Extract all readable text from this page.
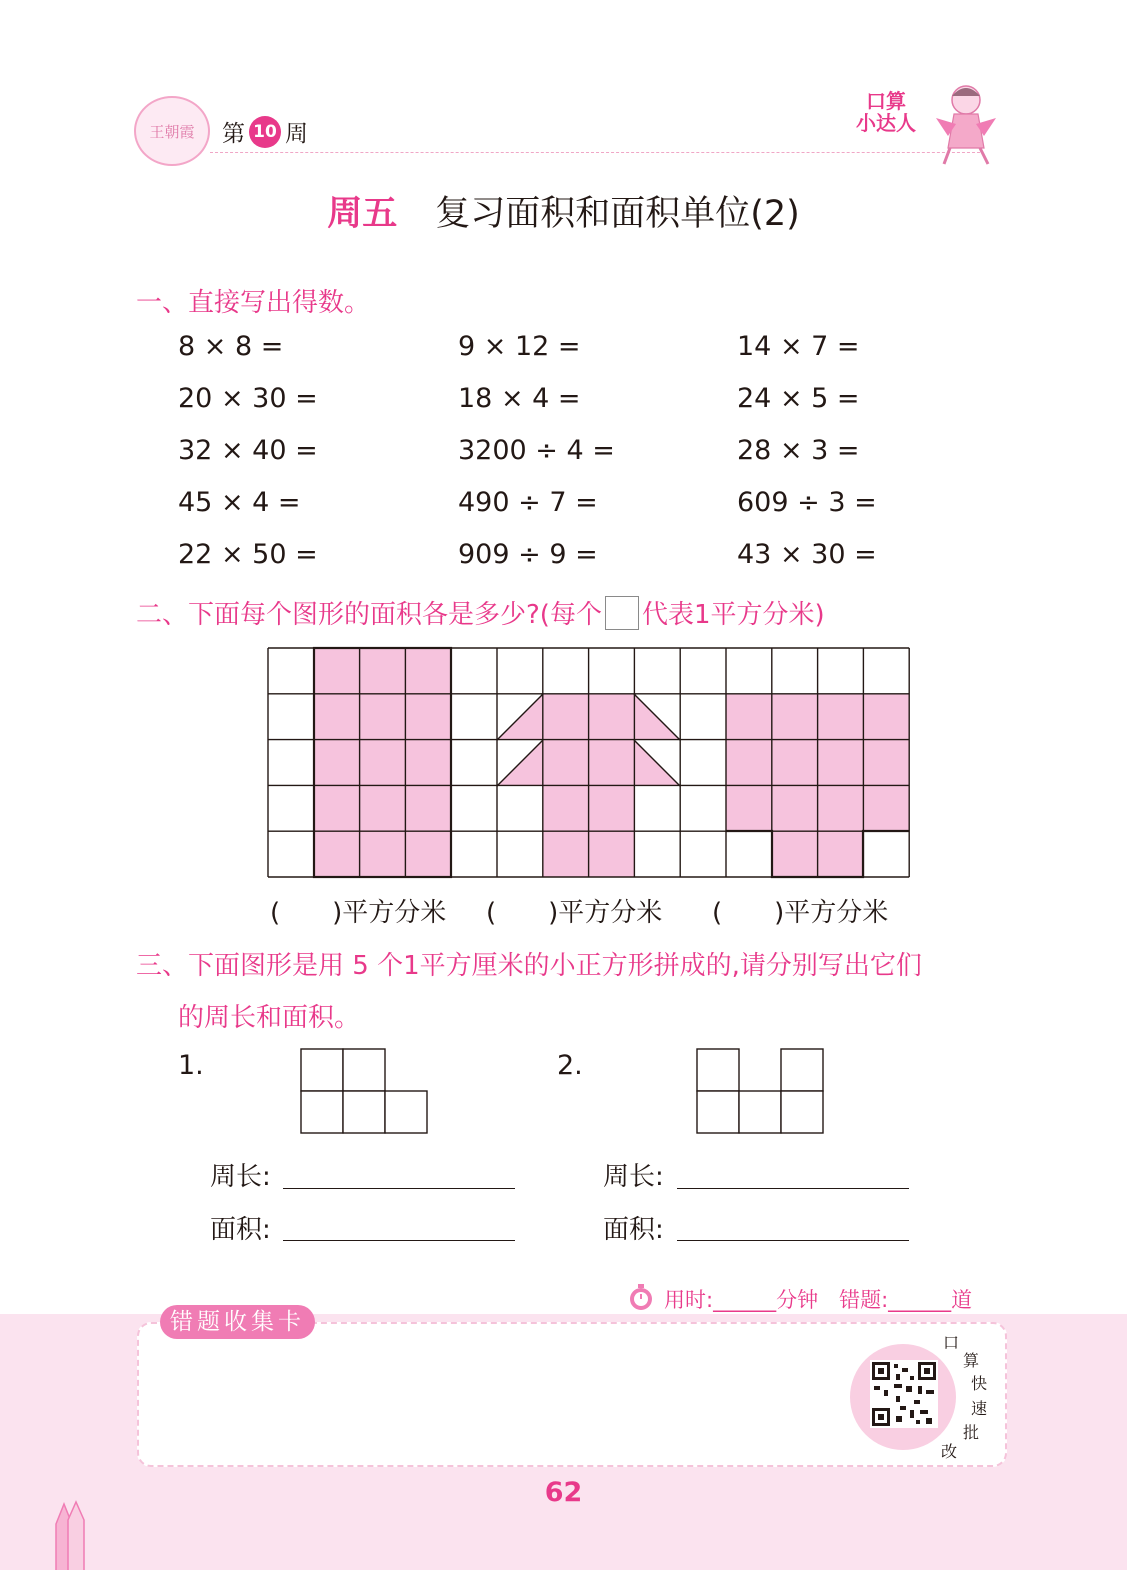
王朝霞 第 10 周
口算
小达人
周五 复习面积和面积单位(2)
一、直接写出得数。
8 × 8 =	9 × 12 =	14 × 7 =
20 × 30 =	18 × 4 =	24 × 5 =
32 × 40 =	3200 ÷ 4 =	28 × 3 =
45 × 4 =	490 ÷ 7 =	609 ÷ 3 =
22 × 50 =	909 ÷ 9 =	43 × 30 =
二、下面每个图形的面积各是多少?(每个 代表1平方分米)
(　　)平方分米 (　　)平方分米 (　　)平方分米
三、下面图形是用 5 个1平方厘米的小正方形拼成的,请分别写出它们
的周长和面积。
1.	2.
周长:
面积:
周长:
面积:
用时:______分钟　错题:______道
错题收集卡
口
算
快
速
批
改
62
